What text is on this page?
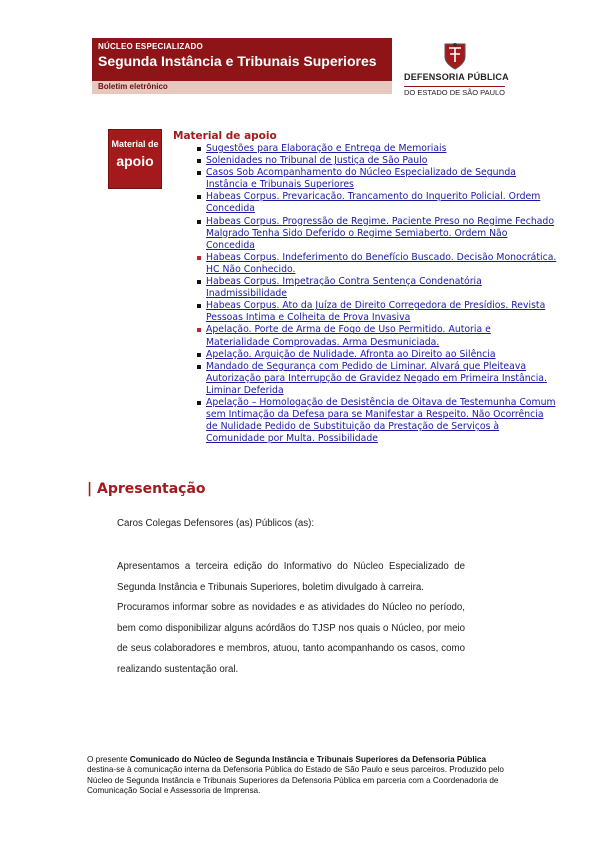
NÚCLEO ESPECIALIZADO
Segunda Instância e Tribunais Superiores
Boletim eletrônico
DEFENSORIA PÚBLICA
DO ESTADO DE SÃO PAULO
Material de
apoio
Material de apoio
Sugestões para Elaboração e Entrega de Memoriais
Solenidades no Tribunal de Justiça de São Paulo
Casos Sob Acompanhamento do Núcleo Especializado de Segunda Instância e Tribunais Superiores
Habeas Corpus. Prevaricação. Trancamento do Inquerito Policial. Ordem Concedida
Habeas Corpus. Progressão de Regime. Paciente Preso no Regime Fechado Malgrado Tenha Sido Deferido o Regime Semiaberto. Ordem Não Concedida
Habeas Corpus. Indeferimento do Benefício Buscado. Decisão Monocrática. HC Não Conhecido.
Habeas Corpus. Impetração Contra Sentença Condenatória Inadmissibilidade
Habeas Corpus. Ato da Juíza de Direito Corregedora de Presídios. Revista Pessoas Intima e Colheita de Prova Invasiva
Apelação. Porte de Arma de Fogo de Uso Permitido. Autoria e Materialidade Comprovadas. Arma Desmuniciada.
Apelação. Arguição de Nulidade. Afronta ao Direito ao Silência
Mandado de Segurança com Pedido de Liminar. Alvará que Pleiteava Autorização para Interrupção de Gravidez Negado em Primeira Instância. Liminar Deferida
Apelação – Homologação de Desistência de Oitava de Testemunha Comum sem Intimação da Defesa para se Manifestar a Respeito. Não Ocorrência de Nulidade Pedido de Substituição da Prestação de Serviços à Comunidade por Multa. Possibilidade
| Apresentação
Caros Colegas Defensores (as) Públicos (as):

Apresentamos a terceira edição do Informativo do Núcleo Especializado de Segunda Instância e Tribunais Superiores, boletim divulgado à carreira.

Procuramos informar sobre as novidades e as atividades do Núcleo no período, bem como disponibilizar alguns acórdãos do TJSP nos quais o Núcleo, por meio de seus colaboradores e membros, atuou, tanto acompanhando os casos, como realizando sustentação oral.

O presente Comunicado do Núcleo de Segunda Instância e Tribunais Superiores da Defensoria Pública destina-se à comunicação interna da Defensoria Pública do Estado de São Paulo e seus parceiros. Produzido pelo Núcleo de Segunda Instância e Tribunais Superiores da Defensoria Pública em parceria com a Coordenadoria de Comunicação Social e Assessoria de Imprensa.
